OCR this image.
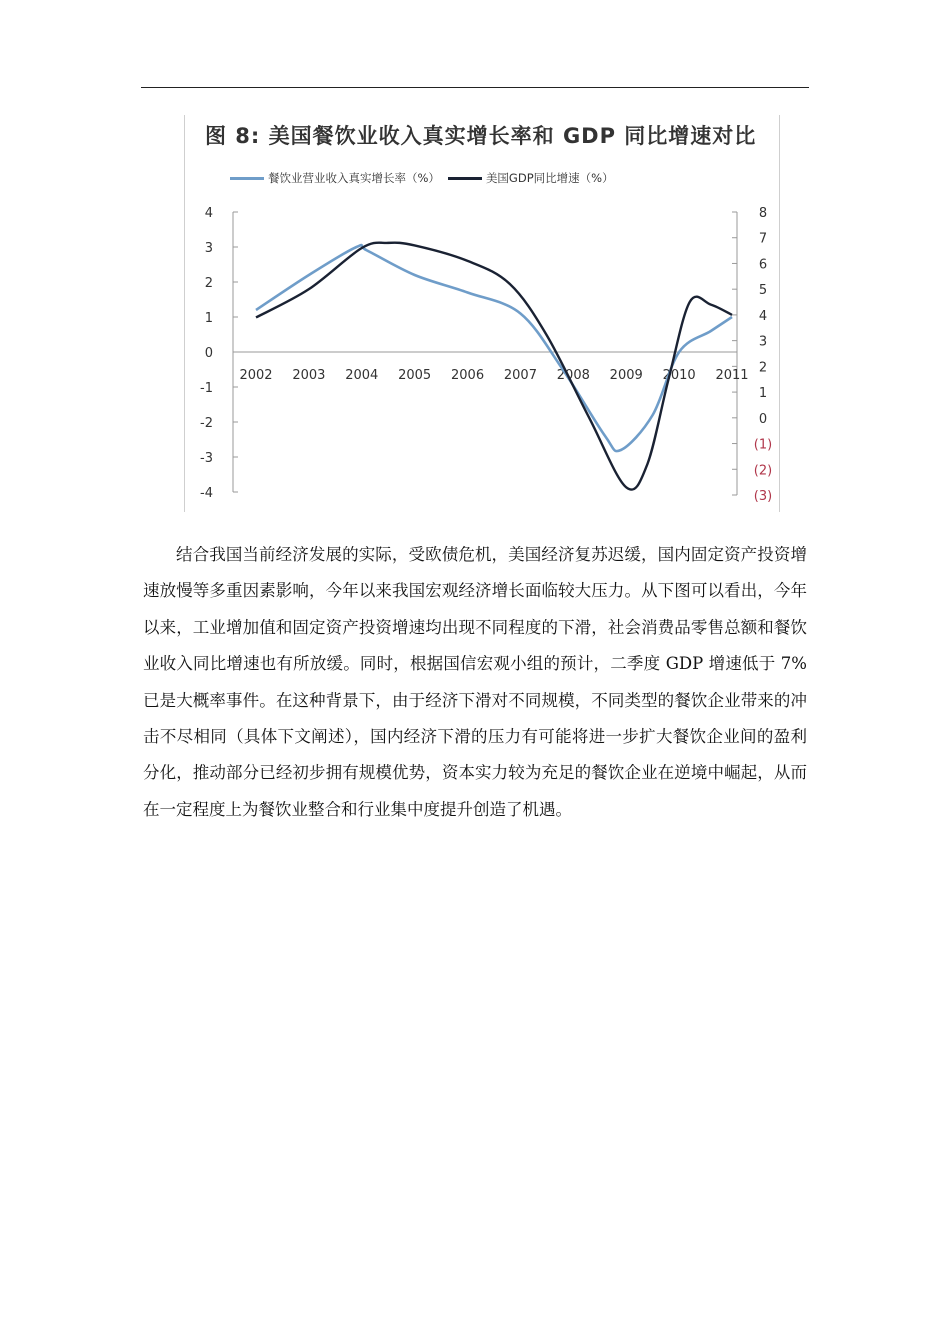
图 8: 美国餐饮业收入真实增长率和 GDP 同比增速对比
餐饮业营业收入真实增长率（%）	美国GDP同比增速（%）
4
3
2
1
0
-1
-2
-3
-4
8
7
6
5
4
3
2
1
0
(1)
(2)
(3)
2002 2003 2004 2005 2006 2007 2008 2009 2010 2011
结合我国当前经济发展的实际，受欧债危机，美国经济复苏迟缓，国内固定资产投资增速放慢等多重因素影响，今年以来我国宏观经济增长面临较大压力。从下图可以看出，今年以来，工业增加值和固定资产投资增速均出现不同程度的下滑，社会消费品零售总额和餐饮业收入同比增速也有所放缓。同时，根据国信宏观小组的预计，二季度 GDP 增速低于 7%已是大概率事件。在这种背景下，由于经济下滑对不同规模，不同类型的餐饮企业带来的冲击不尽相同（具体下文阐述），国内经济下滑的压力有可能将进一步扩大餐饮企业间的盈利分化，推动部分已经初步拥有规模优势，资本实力较为充足的餐饮企业在逆境中崛起，从而在一定程度上为餐饮业整合和行业集中度提升创造了机遇。
